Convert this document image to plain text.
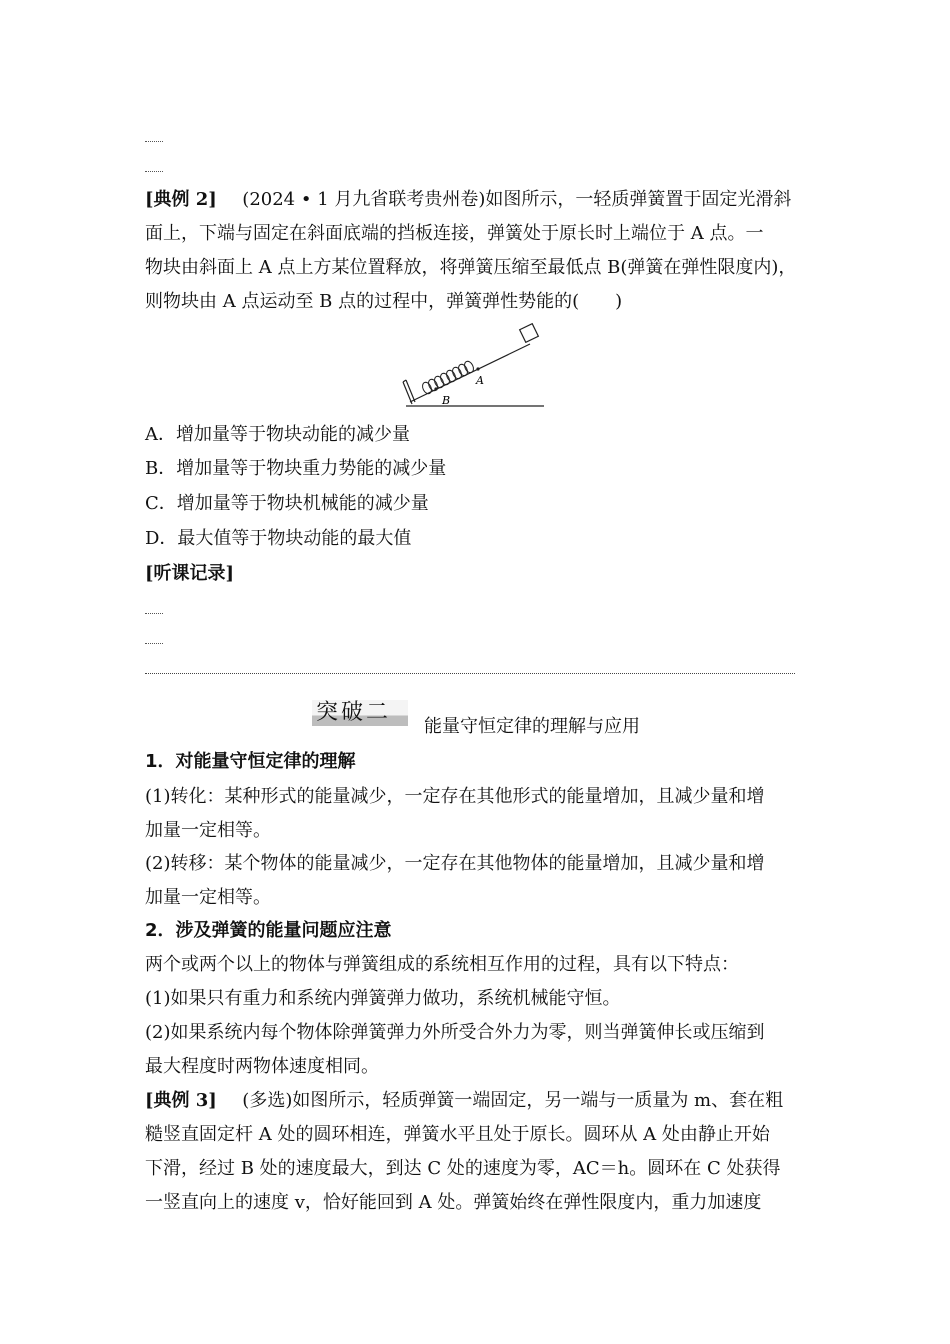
[典例 2] (2024 • 1 月九省联考贵州卷)如图所示，一轻质弹簧置于固定光滑斜
面上，下端与固定在斜面底端的挡板连接，弹簧处于原长时上端位于 A 点。一
物块由斜面上 A 点上方某位置释放，将弹簧压缩至最低点 B(弹簧在弹性限度内)，
则物块由 A 点运动至 B 点的过程中，弹簧弹性势能的(　　)
B
A
A．增加量等于物块动能的减少量
B．增加量等于物块重力势能的减少量
C．增加量等于物块机械能的减少量
D．最大值等于物块动能的最大值
[听课记录]
突破二
能量守恒定律的理解与应用
1．对能量守恒定律的理解
(1)转化：某种形式的能量减少，一定存在其他形式的能量增加，且减少量和增
加量一定相等。
(2)转移：某个物体的能量减少，一定存在其他物体的能量增加，且减少量和增
加量一定相等。
2．涉及弹簧的能量问题应注意
两个或两个以上的物体与弹簧组成的系统相互作用的过程，具有以下特点：
(1)如果只有重力和系统内弹簧弹力做功，系统机械能守恒。
(2)如果系统内每个物体除弹簧弹力外所受合外力为零，则当弹簧伸长或压缩到
最大程度时两物体速度相同。
[典例 3] (多选)如图所示，轻质弹簧一端固定，另一端与一质量为 m、套在粗
糙竖直固定杆 A 处的圆环相连，弹簧水平且处于原长。圆环从 A 处由静止开始
下滑，经过 B 处的速度最大，到达 C 处的速度为零，AC＝h。圆环在 C 处获得
一竖直向上的速度 v，恰好能回到 A 处。弹簧始终在弹性限度内，重力加速度
